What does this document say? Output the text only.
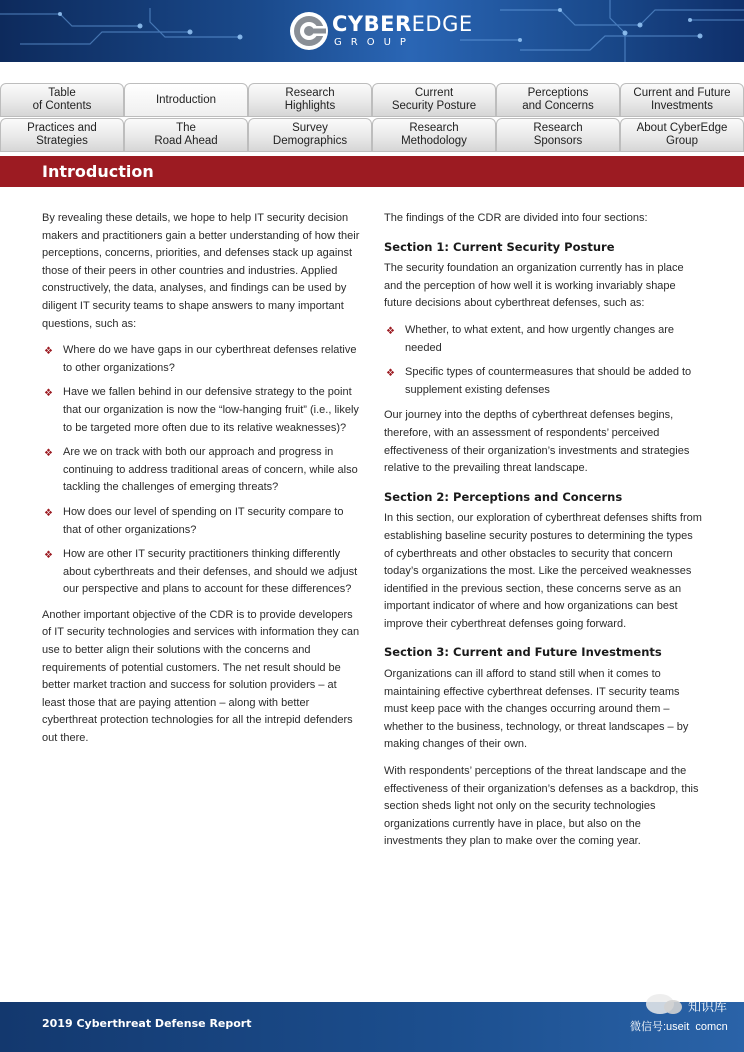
CYBEREDGE
GROUP
Table
of Contents
Introduction
Research
Highlights
Current
Security Posture
Perceptions
and Concerns
Current and Future
Investments
Practices and
Strategies
The
Road Ahead
Survey
Demographics
Research
Methodology
Research
Sponsors
About CyberEdge
Group
Introduction

By revealing these details, we hope to help IT security decision makers and practitioners gain a better understanding of how their perceptions, concerns, priorities, and defenses stack up against those of their peers in other countries and industries. Applied constructively, the data, analyses, and findings can be used by diligent IT security teams to shape answers to many important questions, such as:

❖ Where do we have gaps in our cyberthreat defenses relative to other organizations?
❖ Have we fallen behind in our defensive strategy to the point that our organization is now the “low-hanging fruit” (i.e., likely to be targeted more often due to its relative weaknesses)?
❖ Are we on track with both our approach and progress in continuing to address traditional areas of concern, while also tackling the challenges of emerging threats?
❖ How does our level of spending on IT security compare to that of other organizations?
❖ How are other IT security practitioners thinking differently about cyberthreats and their defenses, and should we adjust our perspective and plans to account for these differences?

Another important objective of the CDR is to provide developers of IT security technologies and services with information they can use to better align their solutions with the concerns and requirements of potential customers. The net result should be better market traction and success for solution providers – at least those that are paying attention – along with better cyberthreat protection technologies for all the intrepid defenders out there.

The findings of the CDR are divided into four sections:

Section 1: Current Security Posture

The security foundation an organization currently has in place and the perception of how well it is working invariably shape future decisions about cyberthreat defenses, such as:

❖ Whether, to what extent, and how urgently changes are needed
❖ Specific types of countermeasures that should be added to supplement existing defenses

Our journey into the depths of cyberthreat defenses begins, therefore, with an assessment of respondents’ perceived effectiveness of their organization’s investments and strategies relative to the prevailing threat landscape.

Section 2: Perceptions and Concerns

In this section, our exploration of cyberthreat defenses shifts from establishing baseline security postures to determining the types of cyberthreats and other obstacles to security that concern today’s organizations the most. Like the perceived weaknesses identified in the previous section, these concerns serve as an important indicator of where and how organizations can best improve their cyberthreat defenses going forward.

Section 3: Current and Future Investments

Organizations can ill afford to stand still when it comes to maintaining effective cyberthreat defenses. IT security teams must keep pace with the changes occurring around them – whether to the business, technology, or threat landscapes – by making changes of their own.

With respondents’ perceptions of the threat landscape and the effectiveness of their organization’s defenses as a backdrop, this section sheds light not only on the security technologies organizations currently have in place, but also on the investments they plan to make over the coming year.

2019 Cyberthreat Defense Report
知识库
微信号:useit  comcn
